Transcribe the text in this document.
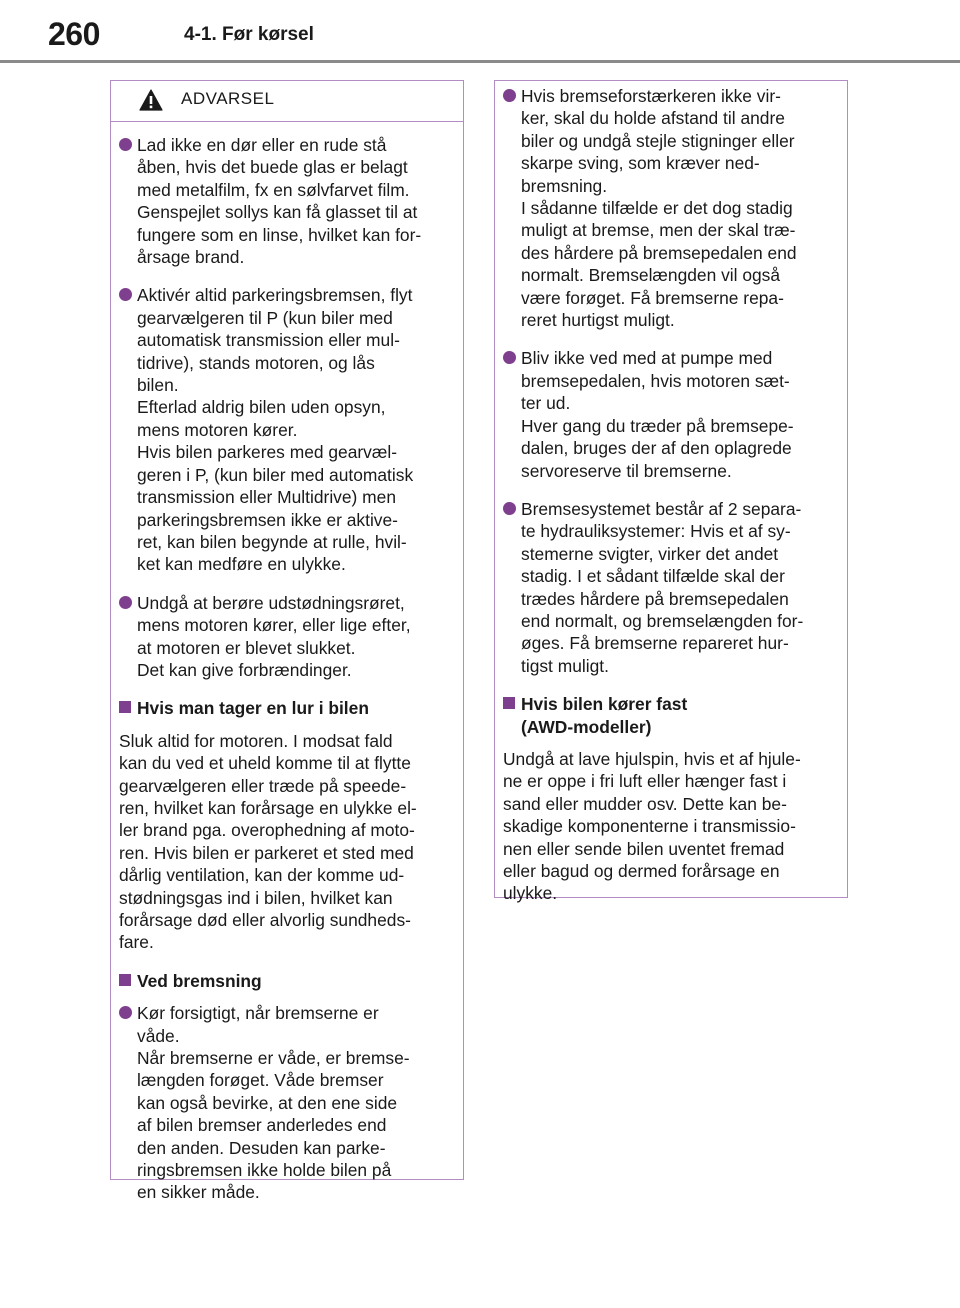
260	4-1. Før kørsel
ADVARSEL
Lad ikke en dør eller en rude stå
åben, hvis det buede glas er belagt
med metalfilm, fx en sølvfarvet film.
Genspejlet sollys kan få glasset til at
fungere som en linse, hvilket kan for-
årsage brand.
Aktivér altid parkeringsbremsen, flyt
gearvælgeren til P (kun biler med
automatisk transmission eller mul-
tidrive), stands motoren, og lås
bilen.
Efterlad aldrig bilen uden opsyn,
mens motoren kører.
Hvis bilen parkeres med gearvæl-
geren i P, (kun biler med automatisk
transmission eller Multidrive) men
parkeringsbremsen ikke er aktive-
ret, kan bilen begynde at rulle, hvil-
ket kan medføre en ulykke.
Undgå at berøre udstødningsrøret,
mens motoren kører, eller lige efter,
at motoren er blevet slukket.
Det kan give forbrændinger.
Hvis man tager en lur i bilen
Sluk altid for motoren. I modsat fald
kan du ved et uheld komme til at flytte
gearvælgeren eller træde på speede-
ren, hvilket kan forårsage en ulykke el-
ler brand pga. overophedning af moto-
ren. Hvis bilen er parkeret et sted med
dårlig ventilation, kan der komme ud-
stødningsgas ind i bilen, hvilket kan
forårsage død eller alvorlig sundheds-
fare.
Ved bremsning
Kør forsigtigt, når bremserne er
våde.
Når bremserne er våde, er bremse-
længden forøget. Våde bremser
kan også bevirke, at den ene side
af bilen bremser anderledes end
den anden. Desuden kan parke-
ringsbremsen ikke holde bilen på
en sikker måde.
Hvis bremseforstærkeren ikke vir-
ker, skal du holde afstand til andre
biler og undgå stejle stigninger eller
skarpe sving, som kræver ned-
bremsning.
I sådanne tilfælde er det dog stadig
muligt at bremse, men der skal træ-
des hårdere på bremsepedalen end
normalt. Bremselængden vil også
være forøget. Få bremserne repa-
reret hurtigst muligt.
Bliv ikke ved med at pumpe med
bremsepedalen, hvis motoren sæt-
ter ud.
Hver gang du træder på bremsepe-
dalen, bruges der af den oplagrede
servoreserve til bremserne.
Bremsesystemet består af 2 separa-
te hydrauliksystemer: Hvis et af sy-
stemerne svigter, virker det andet
stadig. I et sådant tilfælde skal der
trædes hårdere på bremsepedalen
end normalt, og bremselængden for-
øges. Få bremserne repareret hur-
tigst muligt.
Hvis bilen kører fast
(AWD-modeller)
Undgå at lave hjulspin, hvis et af hjule-
ne er oppe i fri luft eller hænger fast i
sand eller mudder osv. Dette kan be-
skadige komponenterne i transmissio-
nen eller sende bilen uventet fremad
eller bagud og dermed forårsage en
ulykke.
